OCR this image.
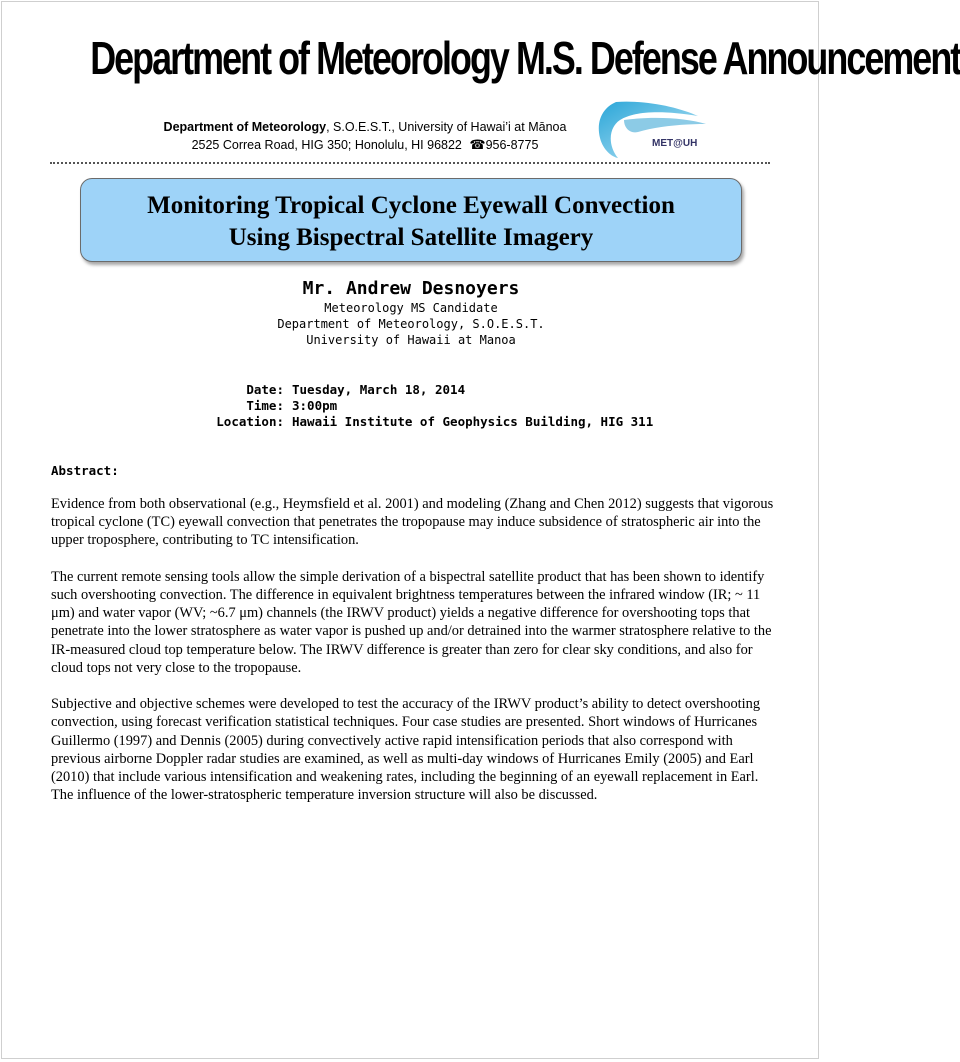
Department of Meteorology M.S. Defense Announcement
Department of Meteorology, S.O.E.S.T., University of Hawai’i at Mānoa
2525 Correa Road, HIG 350; Honolulu, HI 96822 ☎956-8775	MET@UH
Monitoring Tropical Cyclone Eyewall Convection
Using Bispectral Satellite Imagery
Mr. Andrew Desnoyers
Meteorology MS Candidate
Department of Meteorology, S.O.E.S.T.
University of Hawaii at Manoa
Date:	Tuesday, March 18, 2014
Time:	3:00pm
Location:	Hawaii Institute of Geophysics Building, HIG 311
Abstract:

Evidence from both observational (e.g., Heymsfield et al. 2001) and modeling (Zhang and Chen 2012) suggests that vigorous tropical cyclone (TC) eyewall convection that penetrates the tropopause may induce subsidence of stratospheric air into the upper troposphere, contributing to TC intensification.

The current remote sensing tools allow the simple derivation of a bispectral satellite product that has been shown to identify such overshooting convection. The difference in equivalent brightness temperatures between the infrared window (IR; ~ 11 μm) and water vapor (WV; ~6.7 μm) channels (the IRWV product) yields a negative difference for overshooting tops that penetrate into the lower stratosphere as water vapor is pushed up and/or detrained into the warmer stratosphere relative to the IR-measured cloud top temperature below. The IRWV difference is greater than zero for clear sky conditions, and also for cloud tops not very close to the tropopause.

Subjective and objective schemes were developed to test the accuracy of the IRWV product’s ability to detect overshooting convection, using forecast verification statistical techniques. Four case studies are presented. Short windows of Hurricanes Guillermo (1997) and Dennis (2005) during convectively active rapid intensification periods that also correspond with previous airborne Doppler radar studies are examined, as well as multi-day windows of Hurricanes Emily (2005) and Earl (2010) that include various intensification and weakening rates, including the beginning of an eyewall replacement in Earl. The influence of the lower-stratospheric temperature inversion structure will also be discussed.
